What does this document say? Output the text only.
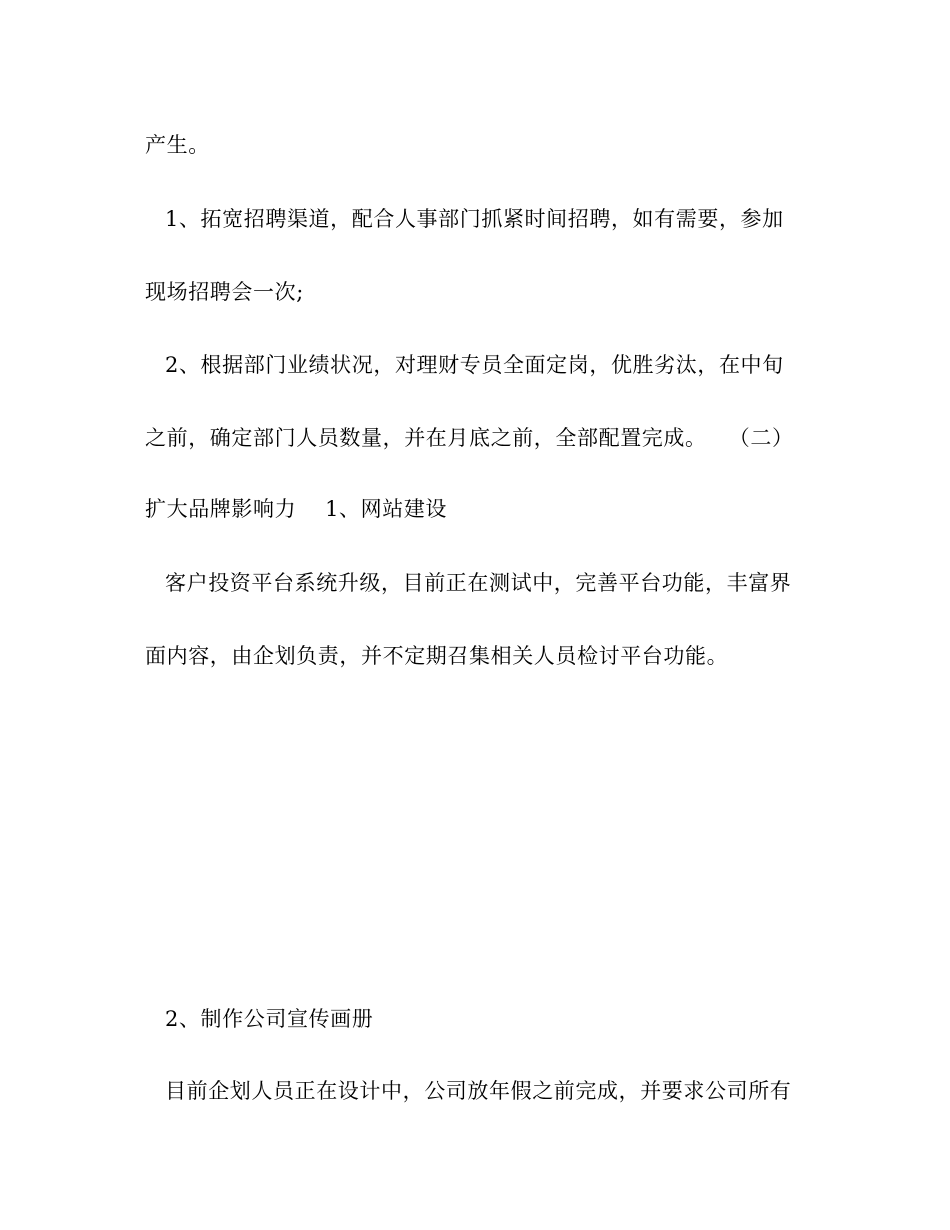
产生。
1、拓宽招聘渠道，配合人事部门抓紧时间招聘，如有需要，参加
现场招聘会一次;
2、根据部门业绩状况，对理财专员全面定岗，优胜劣汰，在中旬
之前，确定部门人员数量，并在月底之前，全部配置完成。　　（二）
扩大品牌影响力　 1、网站建设
客户投资平台系统升级，目前正在测试中，完善平台功能，丰富界
面内容，由企划负责，并不定期召集相关人员检讨平台功能。
2、制作公司宣传画册
目前企划人员正在设计中，公司放年假之前完成，并要求公司所有
